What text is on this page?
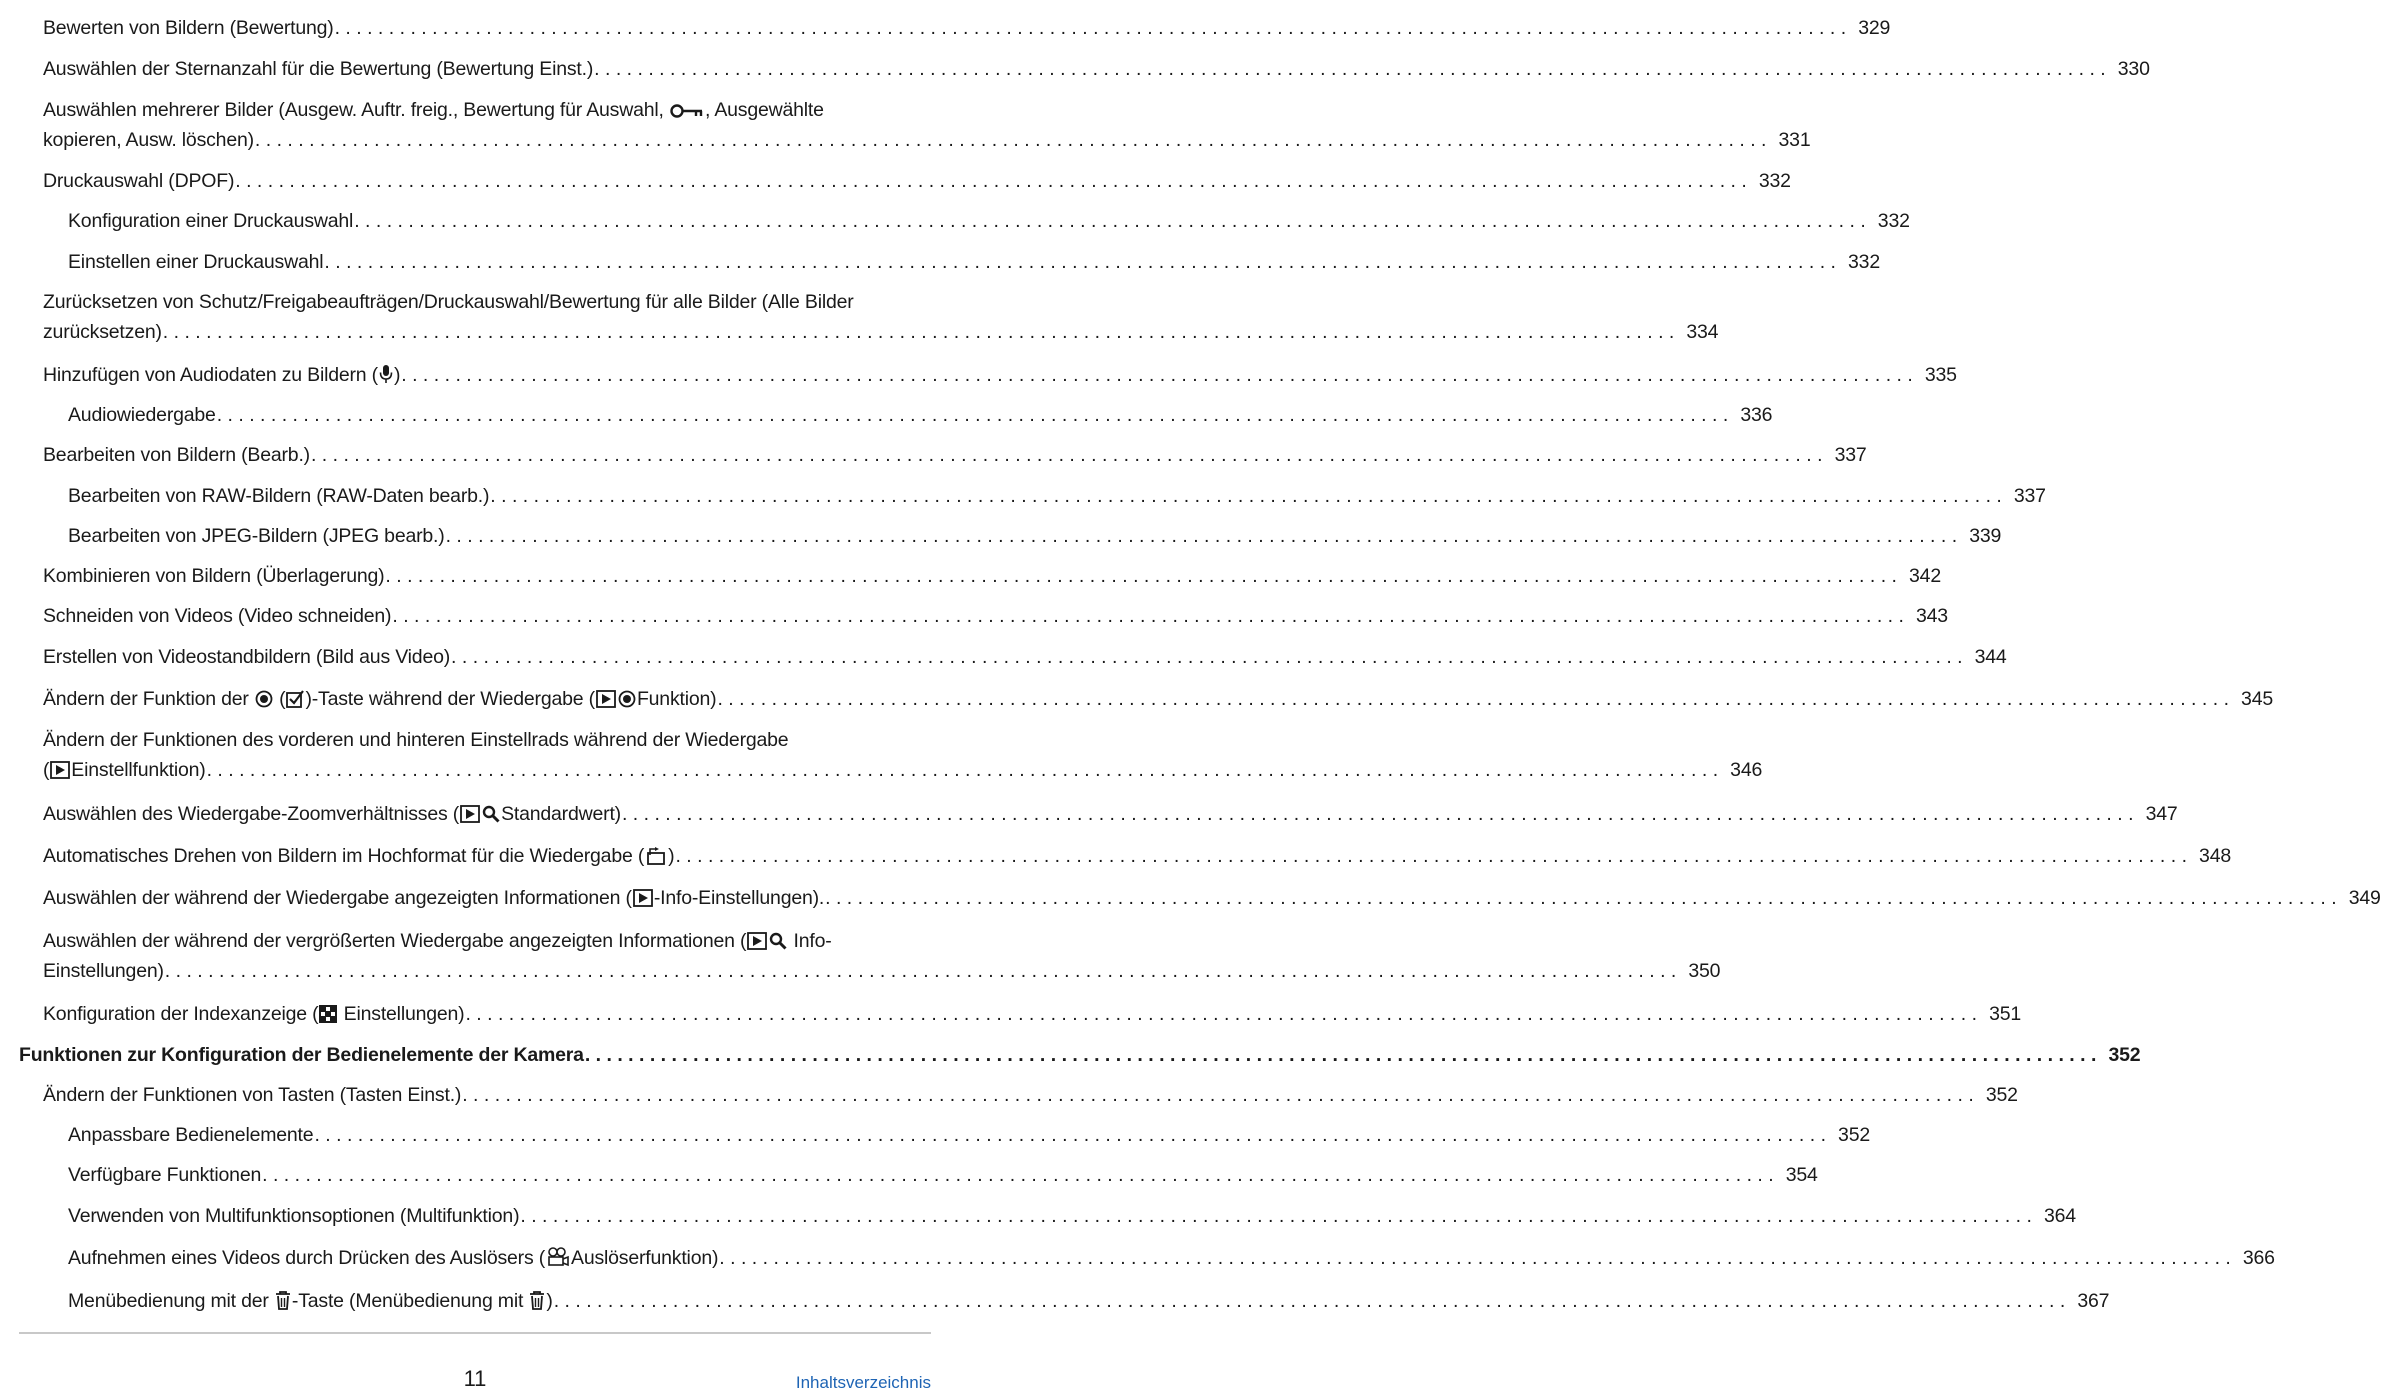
Bewerten von Bildern (Bewertung) . . .	329
Auswählen der Sternanzahl für die Bewertung (Bewertung Einst.) . . .	330
Auswählen mehrerer Bilder (Ausgew. Auftr. freig., Bewertung für Auswahl,
, Ausgewählte
kopieren, Ausw. löschen) . . .	331
Druckauswahl (DPOF) . . .	332
Konfiguration einer Druckauswahl . . .	332
Einstellen einer Druckauswahl . . .	332
Zurücksetzen von Schutz/Freigabeaufträgen/Druckauswahl/Bewertung für alle Bilder (Alle Bilder
zurücksetzen) . . .	334
Hinzufügen von Audiodaten zu Bildern ( ) . . .	335
Audiowiedergabe . . .	336
Bearbeiten von Bildern (Bearb.) . . .	337
Bearbeiten von RAW-Bildern (RAW-Daten bearb.) . . .	337
Bearbeiten von JPEG-Bildern (JPEG bearb.) . . .	339
Kombinieren von Bildern (Überlagerung) . . .	342
Schneiden von Videos (Video schneiden) . . .	343
Erstellen von Videostandbildern (Bild aus Video) . . .	344
Ändern der Funktion der
( )-Taste während der Wiedergabe ( Funktion) . . .	345
Ändern der Funktionen des vorderen und hinteren Einstellrads während der Wiedergabe
( Einstellfunktion) . . .	346
Auswählen des Wiedergabe-Zoomverhältnisses ( Standardwert) . . .	347
Automatisches Drehen von Bildern im Hochformat für die Wiedergabe ( ) . . .	348
Auswählen der während der Wiedergabe angezeigten Informationen ( -Info-Einstellungen). . . .	349
Auswählen der während der vergrößerten Wiedergabe angezeigten Informationen (
Info-
Einstellungen) . . .	350
Konfiguration der Indexanzeige (
Einstellungen) . . .	351
Funktionen zur Konfiguration der Bedienelemente der Kamera . . .	352
Ändern der Funktionen von Tasten (Tasten Einst.) . . .	352
Anpassbare Bedienelemente . . .	352
Verfügbare Funktionen . . .	354
Verwenden von Multifunktionsoptionen (Multifunktion) . . .	364
Aufnehmen eines Videos durch Drücken des Auslösers ( Auslöserfunktion) . . .	366
Menübedienung mit der
-Taste (Menübedienung mit
) . . .	367
11	Inhaltsverzeichnis
